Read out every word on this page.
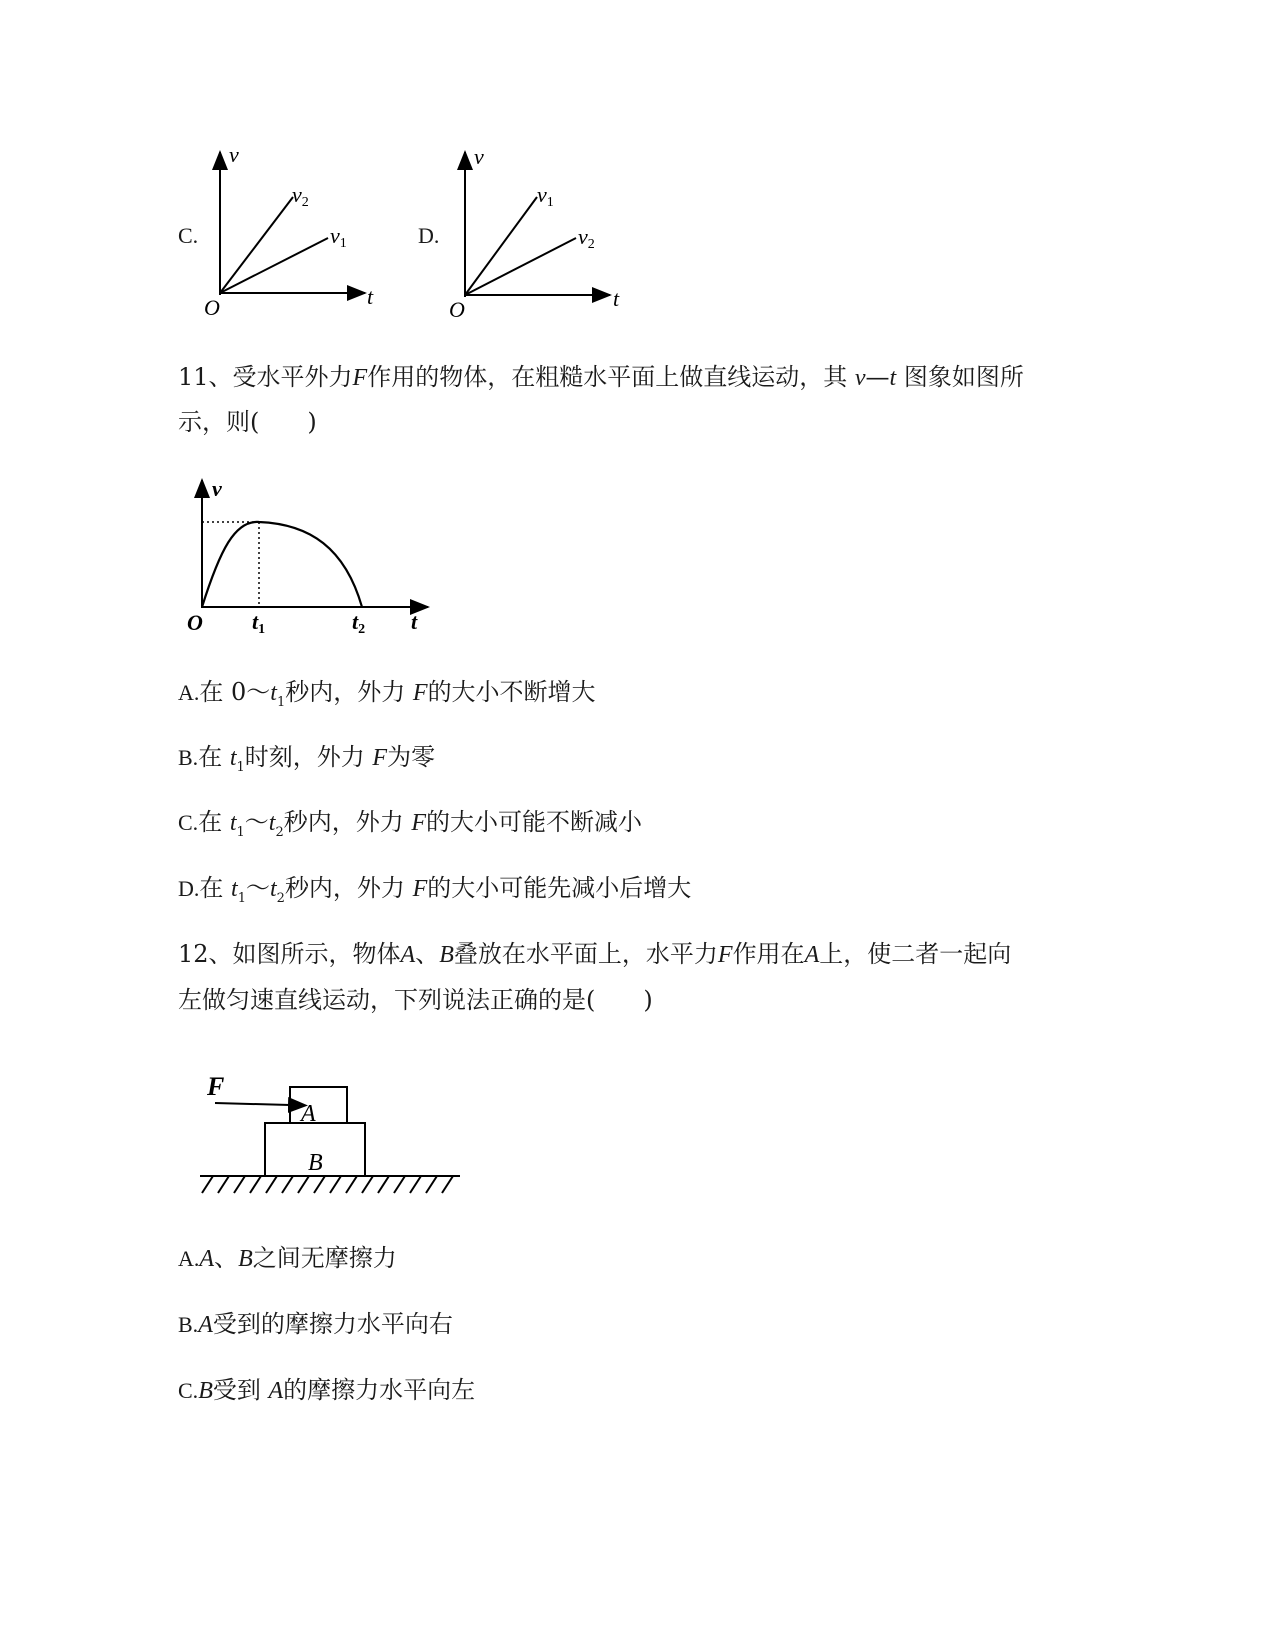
C.
v
t
O
v2
v1	D.
v
t
O
v1
v2
11、受水平外力F作用的物体，在粗糙水平面上做直线运动，其 v—t 图象如图所
示，则(　　)
v
O t1	t2 t
A.在 $0\sim t_1$秒内，外力 F的大小不断增大
B.在 $t_1$时刻，外力 F为零
C.在 $t_1\sim t_2$秒内，外力 F的大小可能不断减小
D.在 $t_1\sim t_2$秒内，外力 F的大小可能先减小后增大
12、如图所示，物体A、B叠放在水平面上，水平力F作用在A上，使二者一起向
左做匀速直线运动，下列说法正确的是(　　)
F
A
B
A.A、B之间无摩擦力
B.A受到的摩擦力水平向右
C.B受到 A的摩擦力水平向左
